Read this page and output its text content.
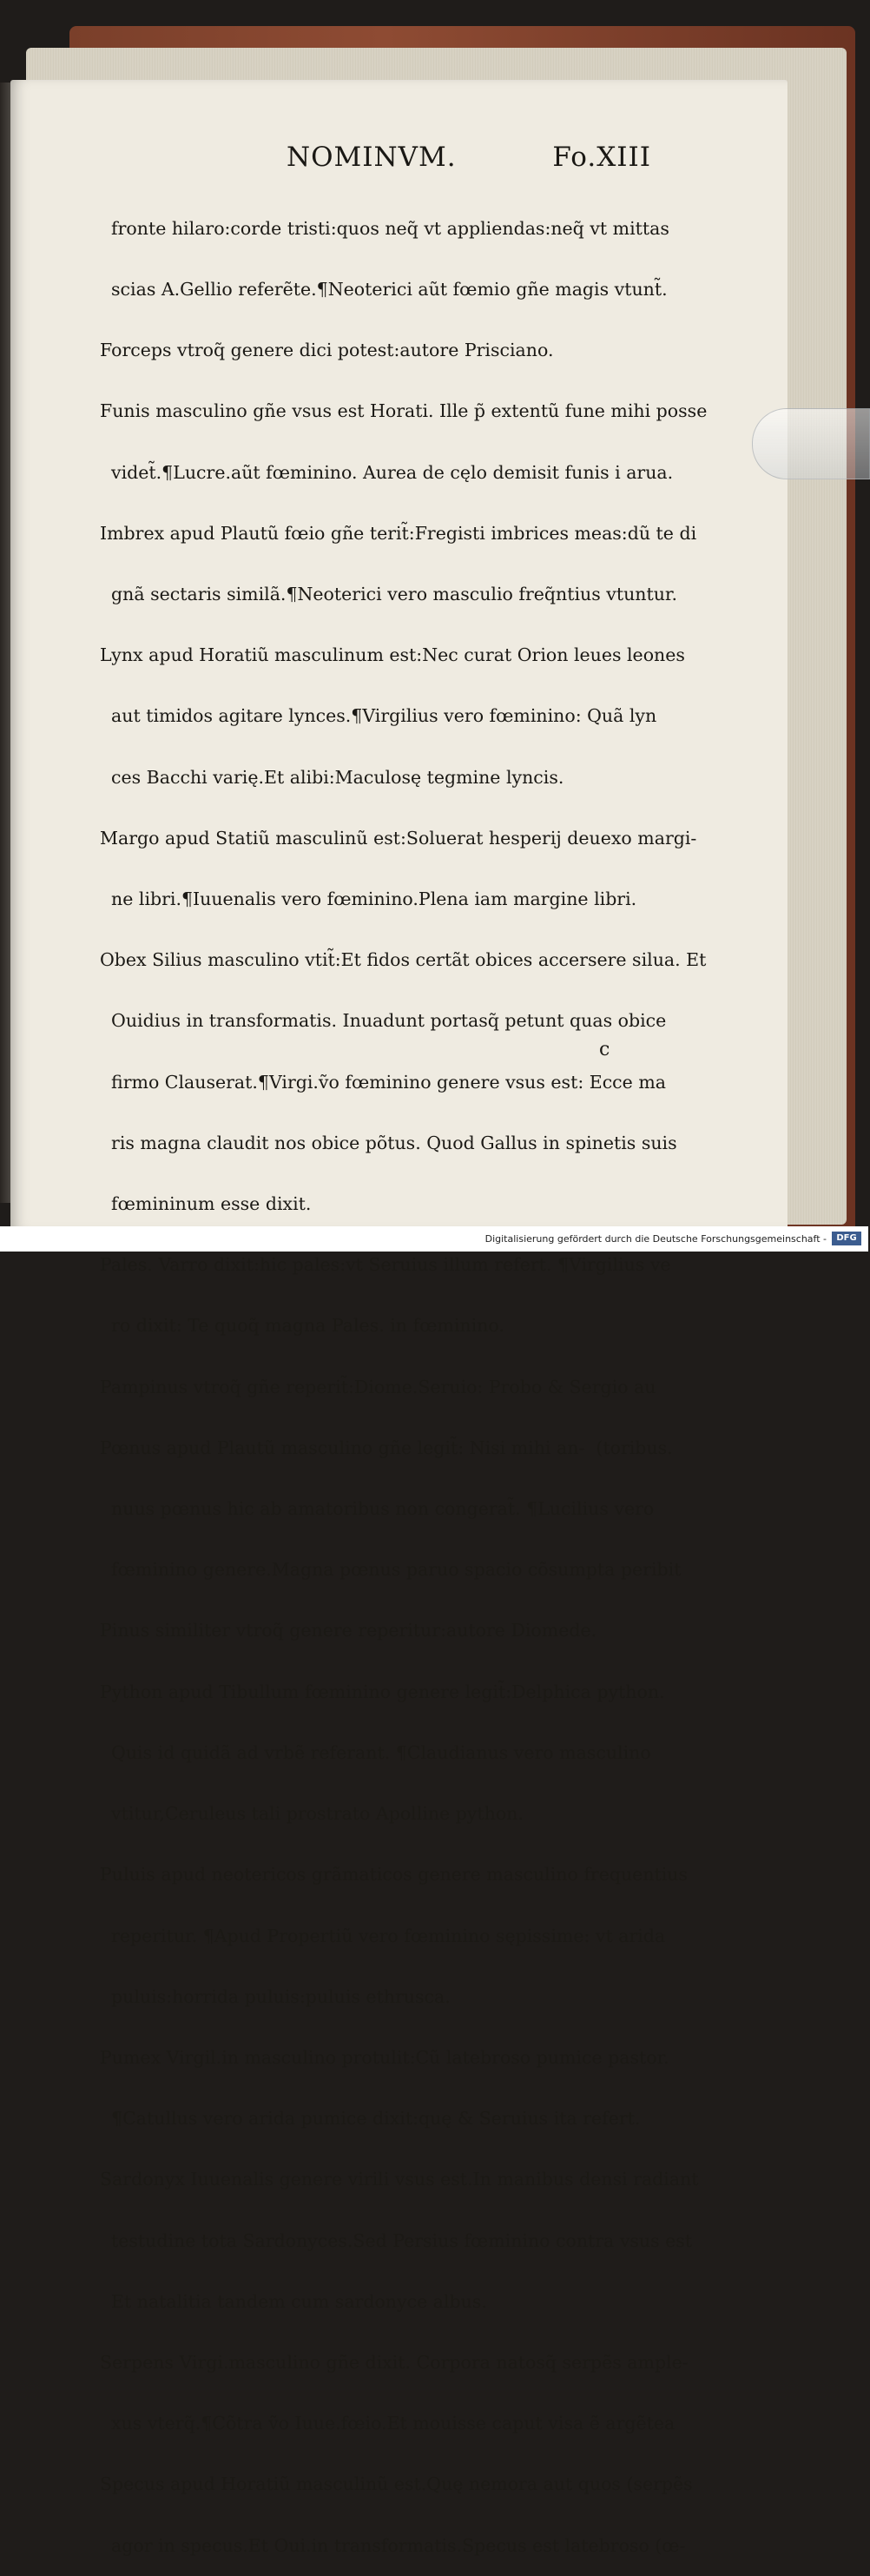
NOMINVM.	Fo.XIII

fronte hilaro:corde tristi:quos neq̃ vt appliendas:neq̃ vt mittas

scias A.Gellio referẽte.¶Neoterici aũt fœmio gñe magis vtunt̃.

Forceps vtroq̃ genere dici potest:autore Prisciano.

Funis masculino gñe vsus est Horati. Ille p̃ extentũ fune mihi posse

videt̃.¶Lucre.aũt fœminino. Aurea de cęlo demisit funis i arua.

Imbrex apud Plautũ fœio gñe terit̃:Fregisti imbrices meas:dũ te di

gnã sectaris similã.¶Neoterici vero masculio freq̃ntius vtuntur.

Lynx apud Horatiũ masculinum est:Nec curat Orion leues leones

aut timidos agitare lynces.¶Virgilius vero fœminino: Quã lyn

ces Bacchi varię.Et alibi:Maculosę tegmine lyncis.

Margo apud Statiũ masculinũ est:Soluerat hesperij deuexo margi-

ne libri.¶Iuuenalis vero fœminino.Plena iam margine libri.

Obex Silius masculino vtit̃:Et fidos certãt obices accersere silua. Et

Ouidius in transformatis. Inuadunt portasq̃ petunt quas obice

firmo Clauserat.¶Virgi.ṽo fœminino genere vsus est: Ecce ma

ris magna claudit nos obice põtus. Quod Gallus in spinetis suis

fœmininum esse dixit.

Pales. Varro dixit:hic pales:vt Seruius illum refert. ¶Virgilius ve

ro dixit: Te quoq̃ magna Pales. in fœminino.

Pampinus vtroq̃ gñe reperit̃:Diome.Seruio: Probo & Sergio au

Pœnus apud Plautũ masculino gñe legit̃: Nisi mihi an-  (toribus.

nuus pœnus hic ab amatoribus non congerat̃. ¶Lucilius vero

fœminino genere.Magna pœnus paruo spacio cõsumpta peribit

Pinus similiter vtroq̃ genere reperitur:autore Diomede.

Python apud Tibullum fœminino genere legit̃:Delphica python.

Quis id quidã ad vrbẽ referant. ¶Claudianus vero masculino

vtitur,Ceruleus tali prostrato Apolline python.

Puluis apud neotericos grãmaticos genere masculino frequentius

reperitur. ¶Apud Propertiũ vero fœminino sępissime: vt arida

puluis:horrida puluis:puluis ethrusca.

Pumex Virgil.in masculino protulit:Cũ latebroso pumice pastor.

¶Catullus vero arida pumice dixit:quę & Seruius ita refert.

Sardonyx Iuuenalis genere virili vsus est.In manibus densi radiant

testudine tota Sardonyces.Sed Persius fœminino contra vsus est

Et natalitia tandem cum sardonyce albus.

Serpens Virgi.masculino gñe dixit. Corpora natosq̃ serpẽs ample-

xus vterq̃.¶Cõtra ṽo Iuue.fœio.Et mouisse caput visa ẽ argẽtea

Specus apud Horatiũ masculinũ est.Quę nemora aut quos (serpẽs

agor in specus.Et Oui.in transformatis.Specus est latebroso (œ-

c
Digitalisierung gefördert durch die Deutsche Forschungsgemeinschaft -	DFG
